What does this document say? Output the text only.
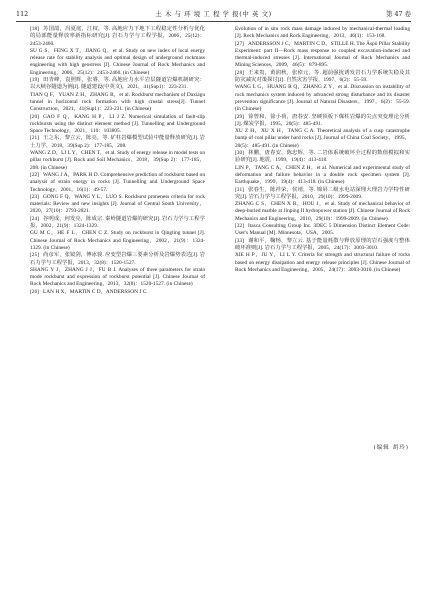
112	土 木 与 环 境 工 程 学 报(中 英 文)	第 47 卷

[18] 苏国韶，冯夏庭，江权，等. 高地应力下地下工程稳定性分析与优化的局部能量释放率新指标研究[J]. 岩石力学与工程学报，2006，25(12)：2453-2460.

SU G S，FENG X T，JIANG Q，et al. Study on new index of local energy release rate for stability analysis and optimal design of underground rockmass engineering with high geostress [J]. Chinese Journal of Rock Mechanics and Engineering，2006，25(12)：2453-2460. (in Chinese)

[19] 田青峰，袁照辉，张睿，等. 高地应力水平岩层隧道岩爆机制研究：以大峡谷隧道为例[J]. 隧道建设(中英文)，2021，41(Sup1)：223-231.

TIAN Q F，YUAN Z H，ZHANG R，et al. Rockburst mechanism of Daxiagu tunnel in horizontal rock formation with high crustal stress[J]. Tunnel Construction，2021，41(Sup1)：223-231. (in Chinese)

[20] GAO F Q，KANG H P，LI J Z. Numerical simulation of fault-slip rockbursts using the distinct element method [J]. Tunnelling and Underground Space Technology，2021，110：103805.

[21] 王之东，黎立云，陈亮，等. 矿柱岩爆模型试验中能量释放研究[J]. 岩土力学，2018，39(Sup 2)：177-185，208.

WANG Z D，LI L Y，CHEN T，et al. Study of energy release in model tests on pillar rockburst [J]. Rock and Soil Mechanics，2018，39(Sup 2)：177-185，208. (in Chinese)

[22] WANG J A，PARK H D. Comprehensive prediction of rockburst based on analysis of strain energy in rocks [J]. Tunnelling and Underground Space Technology，2001，16(1)：49-57.

[23] GONG F Q，WANG Y L，LUO S. Rockburst proneness criteria for rock materials: Review and new insights [J]. Journal of Central South University，2020，27(10)：2793-2821.

[24] 谷明成，何发亮，陈成宗. 秦岭隧道岩爆的研究[J]. 岩石力学与工程学报，2002，21(9)：1324-1329.

GU M C，HE F L，CHEN C Z. Study on rockburst in Qingling tunnel [J]. Chinese Journal of Rock Mechanics and Engineering，2002，21(9)：1324-1329. (in Chinese)

[25] 尚彦军，张镜剑，傅冰骏. 应变型岩爆三要素分析及岩爆势表达[J]. 岩石力学与工程学报，2013，32(8)：1520-1527.

SHANG Y J，ZHANG J J，FU B J. Analyses of three parameters for strain mode rockburst and expression of rockburst potential [J]. Chinese Journal of Rock Mechanics and Engineering，2013，32(8)：1520-1527. (in Chinese)

[26] LAN H X，MARTIN C D，ANDERSSON J C.

Evolution of in situ rock mass damage induced by mechanical-thermal loading [J]. Rock Mechanics and Rock Engineering，2013，46(1)：153-168.

[27] ANDERSSON J C，MARTIN C D，STILLE H. The Äspö Pillar Stability Experiment: part II—Rock mass response to coupled excavation-induced and thermal-induced stresses [J]. International Journal of Rock Mechanics and Mining Sciences，2009，46(5)：879-895.

[28] 王来贵，黄润秋，张倬元，等. 超前强扰诱发岩石力学系统失稳及其防灾减灾对策探讨[J]. 自然灾害学报，1997，6(2)：55-59.

WANG L G，HUANG R Q，ZHANG Z Y，et al. Discussion on instability of rock mechanics system induced by advanced strong disturbance and its disaster prevention significance [J]. Journal of Natural Disasters，1997，6(2)：55-59. (in Chinese)

[29] 徐曾和，徐小荷，唐春安. 坚硬顶板下煤柱岩爆的尖点突变理论分析[J]. 煤炭学报，1995，20(5)：485-491.

XU Z H，XU X H，TANG C A. Theoretical analysis of a cusp catastrophe bump of coal pillar under hard rocks [J]. Journal of China Coal Society，1995，20(5)：485-491. (in Chinese)

[30] 林鹏，唐春安，陈忠辉，等. 二岩体系统破坏全过程的数值模拟和实验研究[J]. 地震，1999，19(4)：413-418.

LIN P，TANG C A，CHEN Z H，et al. Numerical and experimental study of deformation and failure behavior in a double rock specimen system [J]. Earthquake，1999，19(4)：413-418. (in Chinese)

[31] 张春生，陈祥荣，侯靖，等. 锦屏二级水电站深埋大理岩力学特性研究[J]. 岩石力学与工程学报，2010，29(10)：1999-2009.

ZHANG C S，CHEN X R，HOU J，et al. Study of mechanical behavior of deep-buried marble at Jinping II hydropower station [J]. Chinese Journal of Rock Mechanics and Engineering，2010，29(10)：1999-2009. (in Chinese)

[32] Itasca Consulting Group Inc. 3DEC 5 Dimension Distinct Element Code: User's Manual [M]. Minnesota，USA，2005.

[33] 谢和平，鞠杨，黎立云. 基于能量耗散与释放原理的岩石强度与整体破坏准则[J]. 岩石力学与工程学报，2005，24(17)：3003-3010.

XIE H P，JU Y，LI L Y. Criteria for strength and structural failure of rocks based on energy dissipation and energy release principles [J]. Chinese Journal of Rock Mechanics and Engineering，2005，24(17)：3003-3010. (in Chinese)

(编辑 胡玲)
